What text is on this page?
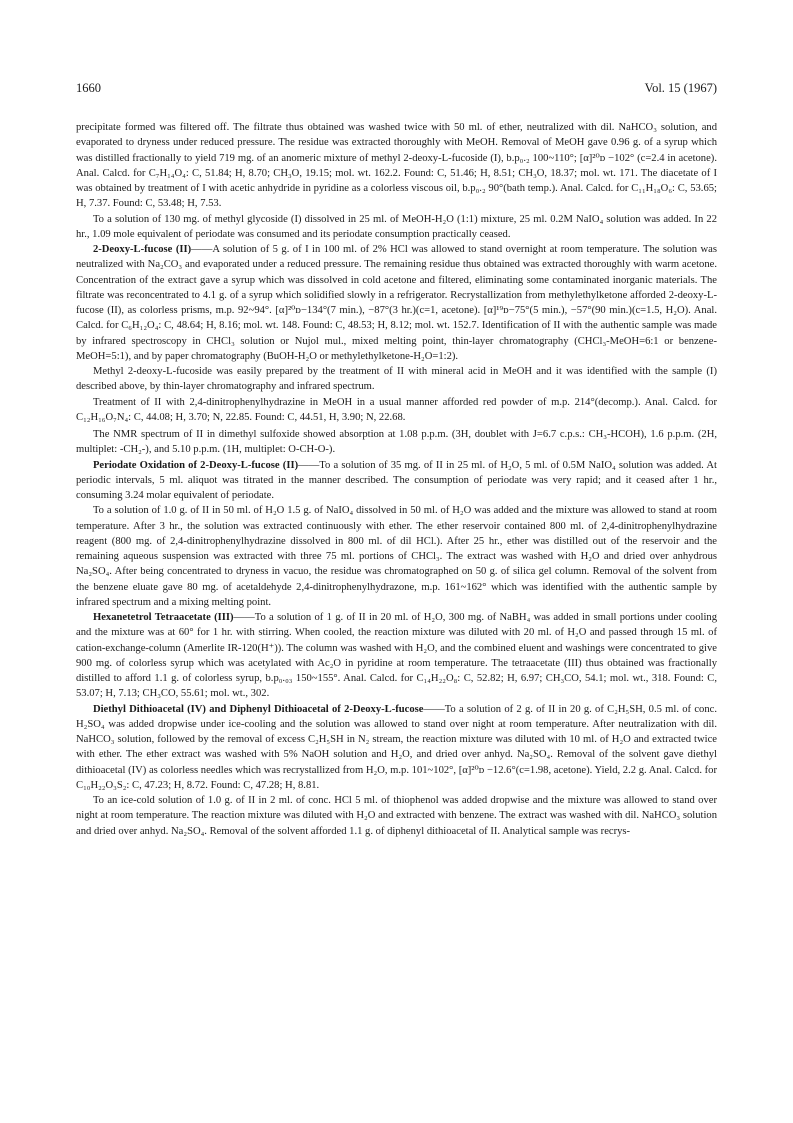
1660	Vol. 15 (1967)

precipitate formed was filtered off. The filtrate thus obtained was washed twice with 50 ml. of ether, neutralized with dil. NaHCO₃ solution, and evaporated to dryness under reduced pressure. The residue was extracted thoroughly with MeOH. Removal of MeOH gave 0.96 g. of a syrup which was distilled fractionally to yield 719 mg. of an anomeric mixture of methyl 2-deoxy-L-fucoside (I), b.p₀.₂ 100~110°; [α]²⁰ᴅ −102° (c=2.4 in acetone). Anal. Calcd. for C₇H₁₄O₄: C, 51.84; H, 8.70; CH₃O, 19.15; mol. wt. 162.2. Found: C, 51.46; H, 8.51; CH₃O, 18.37; mol. wt. 171. The diacetate of I was obtained by treatment of I with acetic anhydride in pyridine as a colorless viscous oil, b.p₀.₂ 90°(bath temp.). Anal. Calcd. for C₁₁H₁₈O₆: C, 53.65; H, 7.37. Found: C, 53.48; H, 7.53.

To a solution of 130 mg. of methyl glycoside (I) dissolved in 25 ml. of MeOH-H₂O (1:1) mixture, 25 ml. 0.2M NaIO₄ solution was added. In 22 hr., 1.09 mole equivalent of periodate was consumed and its periodate consumption practically ceased.

2-Deoxy-L-fucose (II)——A solution of 5 g. of I in 100 ml. of 2% HCl was allowed to stand overnight at room temperature. The solution was neutralized with Na₂CO₃ and evaporated under a reduced pressure. The remaining residue thus obtained was extracted thoroughly with warm acetone. Concentration of the extract gave a syrup which was dissolved in cold acetone and filtered, eliminating some contaminated inorganic materials. The filtrate was reconcentrated to 4.1 g. of a syrup which solidified slowly in a refrigerator. Recrystallization from methylethylketone afforded 2-deoxy-L-fucose (II), as colorless prisms, m.p. 92~94°. [α]²⁰ᴅ−134°(7 min.), −87°(3 hr.)(c=1, acetone). [α]¹⁹ᴅ−75°(5 min.), −57°(90 min.)(c=1.5, H₂O). Anal. Calcd. for C₆H₁₂O₄: C, 48.64; H, 8.16; mol. wt. 148. Found: C, 48.53; H, 8.12; mol. wt. 152.7. Identification of II with the authentic sample was made by infrared spectroscopy in CHCl₃ solution or Nujol mul., mixed melting point, thin-layer chromatography (CHCl₃-MeOH=6:1 or benzene-MeOH=5:1), and by paper chromatography (BuOH-H₂O or methylethylketone-H₂O=1:2).

Methyl 2-deoxy-L-fucoside was easily prepared by the treatment of II with mineral acid in MeOH and it was identified with the sample (I) described above, by thin-layer chromatography and infrared spectrum.

Treatment of II with 2,4-dinitrophenylhydrazine in MeOH in a usual manner afforded red powder of m.p. 214°(decomp.). Anal. Calcd. for C₁₂H₁₆O₇N₄: C, 44.08; H, 3.70; N, 22.85. Found: C, 44.51, H, 3.90; N, 22.68.

The NMR spectrum of II in dimethyl sulfoxide showed absorption at 1.08 p.p.m. (3H, doublet with J=6.7 c.p.s.: CH₃-HCOH), 1.6 p.p.m. (2H, multiplet: -CH₂-), and 5.10 p.p.m. (1H, multiplet: O-CH-O-).

Periodate Oxidation of 2-Deoxy-L-fucose (II)——To a solution of 35 mg. of II in 25 ml. of H₂O, 5 ml. of 0.5M NaIO₄ solution was added. At periodic intervals, 5 ml. aliquot was titrated in the manner described. The consumption of periodate was very rapid; and it ceased after 1 hr., consuming 3.24 molar equivalent of periodate.

To a solution of 1.0 g. of II in 50 ml. of H₂O 1.5 g. of NaIO₄ dissolved in 50 ml. of H₂O was added and the mixture was allowed to stand at room temperature. After 3 hr., the solution was extracted continuously with ether. The ether reservoir contained 800 ml. of 2,4-dinitrophenylhydrazine reagent (800 mg. of 2,4-dinitrophenylhydrazine dissolved in 800 ml. of dil HCl.). After 25 hr., ether was distilled out of the reservoir and the remaining aqueous suspension was extracted with three 75 ml. portions of CHCl₃. The extract was washed with H₂O and dried over anhydrous Na₂SO₄. After being concentrated to dryness in vacuo, the residue was chromatographed on 50 g. of silica gel column. Removal of the solvent from the benzene eluate gave 80 mg. of acetaldehyde 2,4-dinitrophenylhydrazone, m.p. 161~162° which was identified with the authentic sample by infrared spectrum and a mixing melting point.

Hexanetetrol Tetraacetate (III)——To a solution of 1 g. of II in 20 ml. of H₂O, 300 mg. of NaBH₄ was added in small portions under cooling and the mixture was at 60° for 1 hr. with stirring. When cooled, the reaction mixture was diluted with 20 ml. of H₂O and passed through 15 ml. of cation-exchange-column (Amerlite IR-120(H⁺)). The column was washed with H₂O, and the combined eluent and washings were concentrated to give 900 mg. of colorless syrup which was acetylated with Ac₂O in pyridine at room temperature. The tetraacetate (III) thus obtained was fractionally distilled to afford 1.1 g. of colorless syrup, b.p₀.₀₃ 150~155°. Anal. Calcd. for C₁₄H₂₂O₈: C, 52.82; H, 6.97; CH₃CO, 54.1; mol. wt., 318. Found: C, 53.07; H, 7.13; CH₃CO, 55.61; mol. wt., 302.

Diethyl Dithioacetal (IV) and Diphenyl Dithioacetal of 2-Deoxy-L-fucose——To a solution of 2 g. of II in 20 g. of C₂H₅SH, 0.5 ml. of conc. H₂SO₄ was added dropwise under ice-cooling and the solution was allowed to stand over night at room temperature. After neutralization with dil. NaHCO₃ solution, followed by the removal of excess C₂H₅SH in N₂ stream, the reaction mixture was diluted with 10 ml. of H₂O and extracted twice with ether. The ether extract was washed with 5% NaOH solution and H₂O, and dried over anhyd. Na₂SO₄. Removal of the solvent gave diethyl dithioacetal (IV) as colorless needles which was recrystallized from H₂O, m.p. 101~102°, [α]²⁰ᴅ −12.6°(c=1.98, acetone). Yield, 2.2 g. Anal. Calcd. for C₁₀H₂₂O₃S₂: C, 47.23; H, 8.72. Found: C, 47.28; H, 8.81.

To an ice-cold solution of 1.0 g. of II in 2 ml. of conc. HCl 5 ml. of thiophenol was added dropwise and the mixture was allowed to stand over night at room temperature. The reaction mixture was diluted with H₂O and extracted with benzene. The extract was washed with dil. NaHCO₃ solution and dried over anhyd. Na₂SO₄. Removal of the solvent afforded 1.1 g. of diphenyl dithioacetal of II. Analytical sample was recrys-
